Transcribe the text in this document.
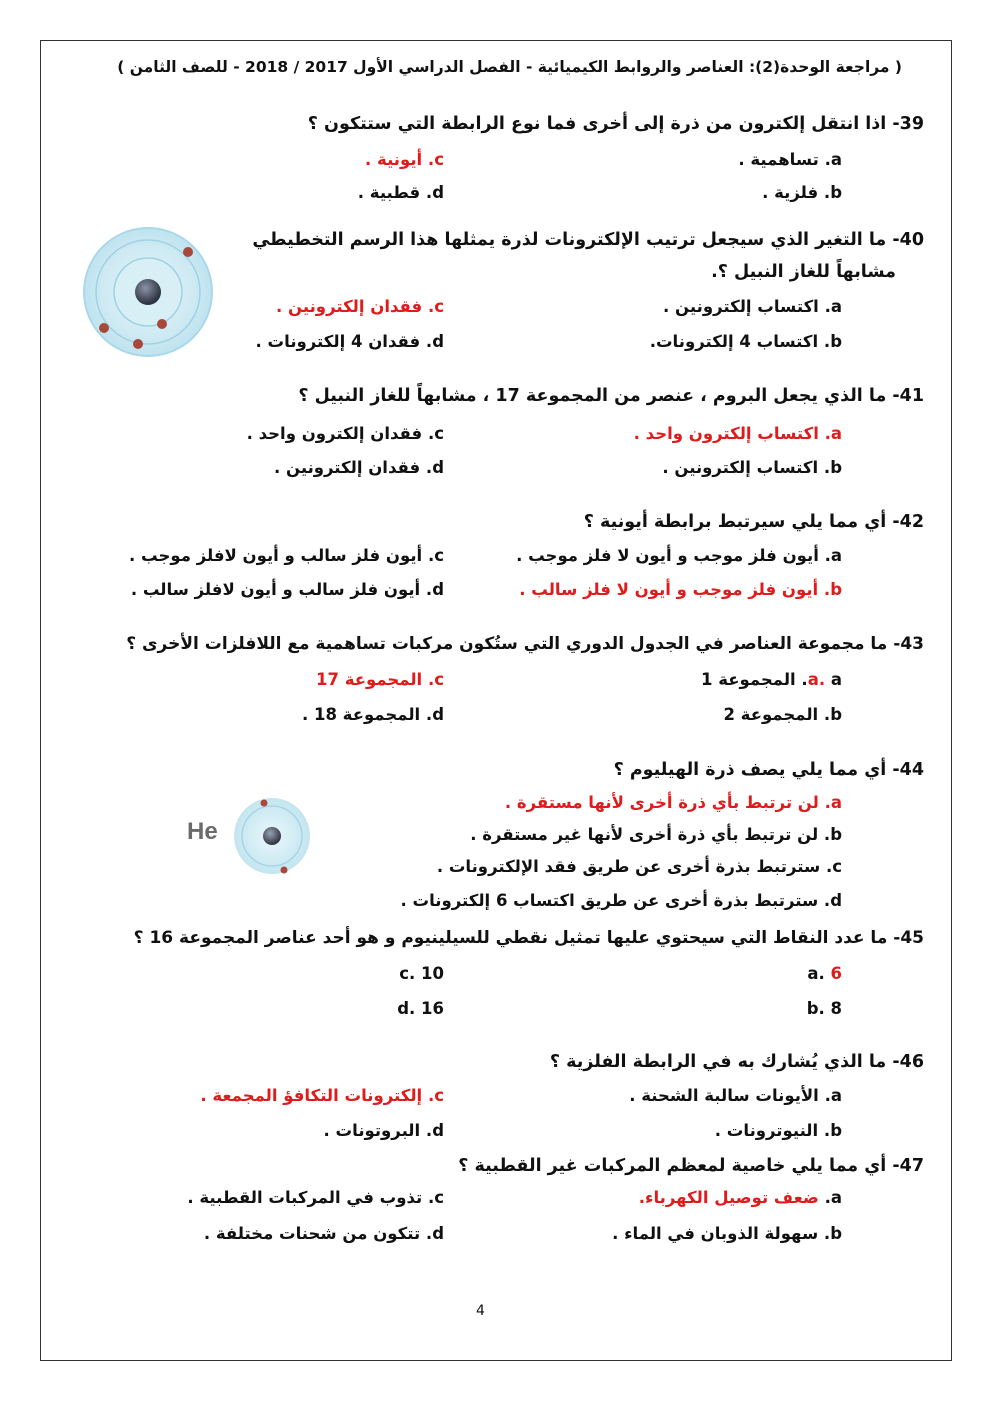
( مراجعة الوحدة(2): العناصر والروابط الكيميائية - الفصل الدراسي الأول 2017 / 2018 - للصف الثامن )
39- اذا انتقل إلكترون من ذرة إلى أخرى فما نوع الرابطة التي ستتكون ؟
a. تساهمية .
b. فلزية .
c. أيونية .
d. قطبية .
40- ما التغير الذي سيجعل ترتيب الإلكترونات لذرة يمثلها هذا الرسم التخطيطي
مشابهاً للغاز النبيل ؟.
a. اكتساب إلكترونين .
b. اكتساب 4 إلكترونات.
c. فقدان إلكترونين .
d. فقدان 4 إلكترونات .
41- ما الذي يجعل البروم ، عنصر من المجموعة 17 ، مشابهاً للغاز النبيل ؟
a. اكتساب إلكترون واحد .
b. اكتساب إلكترونين .
c. فقدان إلكترون واحد .
d. فقدان إلكترونين .
42- أي مما يلي سيرتبط برابطة أيونية ؟
a. أيون فلز موجب و أيون لا فلز موجب .
b. أيون فلز موجب و أيون لا فلز سالب .
c. أيون فلز سالب و أيون لافلز موجب .
d. أيون فلز سالب و أيون لافلز سالب .
43- ما مجموعة العناصر في الجدول الدوري التي ستُكون مركبات تساهمية مع اللافلزات الأخرى ؟
a. a. المجموعة 1
b. المجموعة 2
c. المجموعة 17
d. المجموعة 18 .
44- أي مما يلي يصف ذرة الهيليوم ؟
a. لن ترتبط بأي ذرة أخرى لأنها مستقرة .
b. لن ترتبط بأي ذرة أخرى لأنها غير مستقرة .
c. سترتبط بذرة أخرى عن طريق فقد الإلكترونات .
d. سترتبط بذرة أخرى عن طريق اكتساب 6 إلكترونات .
He
45- ما عدد النقاط التي سيحتوي عليها تمثيل نقطي للسيلينيوم و هو أحد عناصر المجموعة 16 ؟
a. 6
b. 8
c. 10
d. 16
46- ما الذي يُشارك به في الرابطة الفلزية ؟
a. الأيونات سالبة الشحنة .
b. النيوترونات .
c. إلكترونات التكافؤ المجمعة .
d. البروتونات .
47- أي مما يلي خاصية لمعظم المركبات غير القطبية ؟
a. ضعف توصيل الكهرباء.
b. سهولة الذوبان في الماء .
c. تذوب في المركبات القطبية .
d. تتكون من شحنات مختلفة .
4
